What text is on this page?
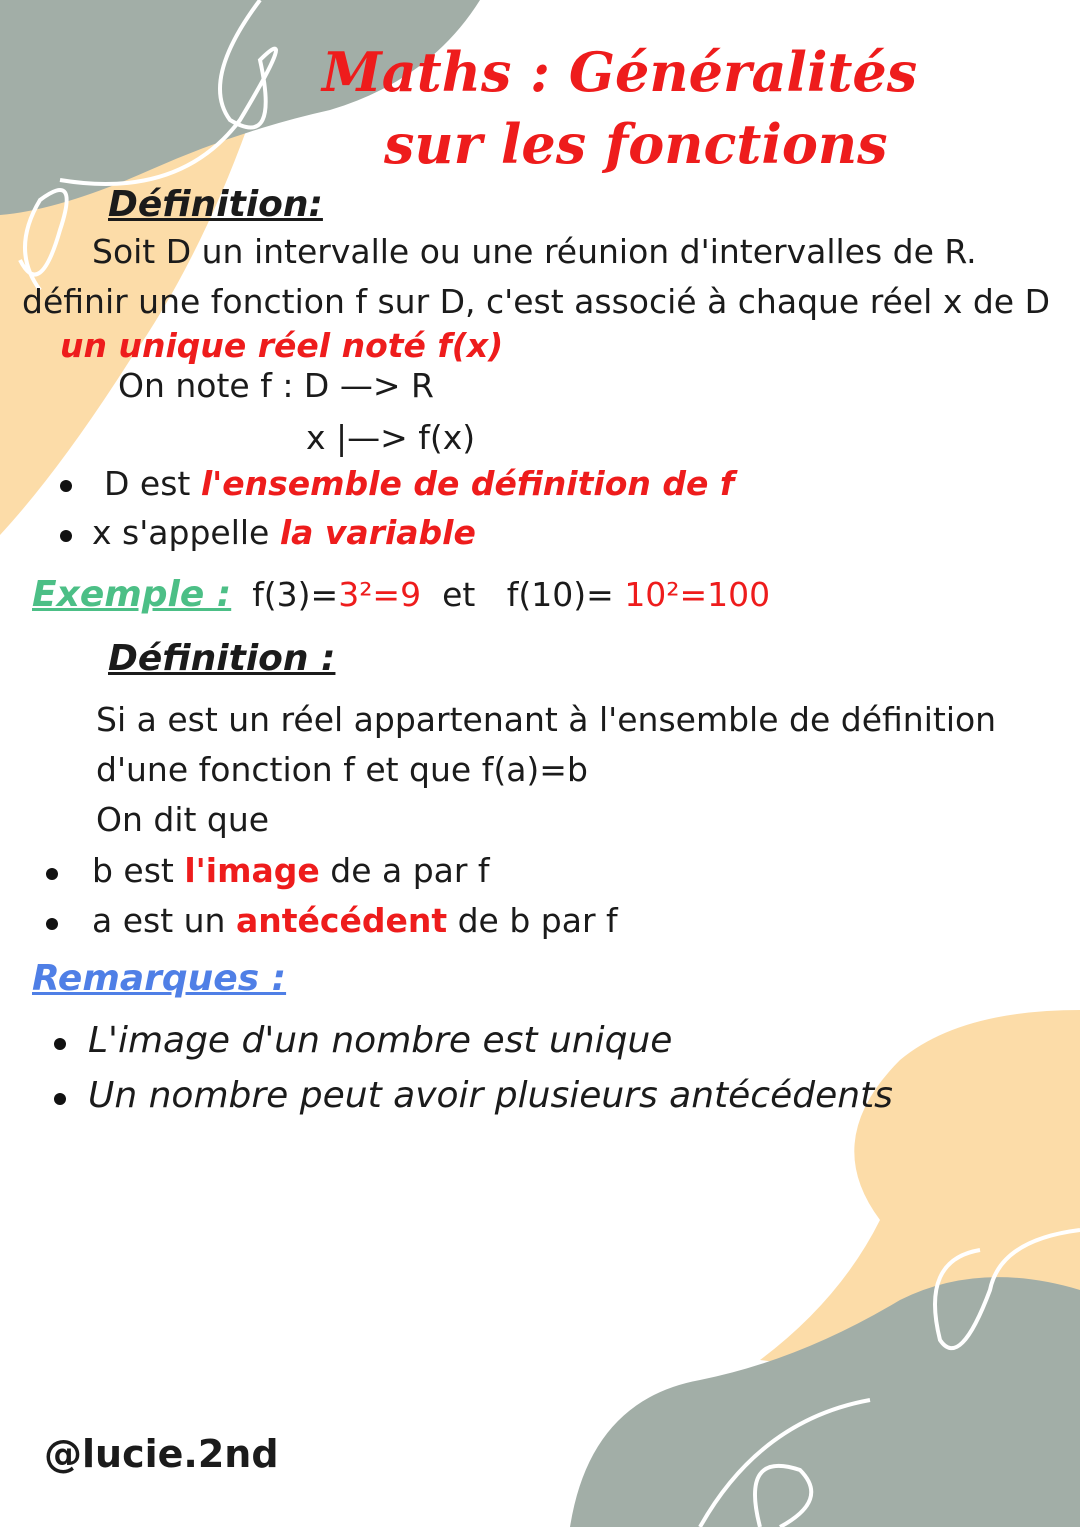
Maths : Généralités
sur les fonctions
Définition:
Soit D un intervalle ou une réunion d'intervalles de R.
définir une fonction f sur D, c'est associé à chaque réel x de D
un unique réel noté f(x)
On note f : D —> R
x |—> f(x)
D est l'ensemble de définition de f
x s'appelle la variable
Exemple : f(3)=3²=9 et f(10)= 10²=100
Définition :
Si a est un réel appartenant à l'ensemble de définition
d'une fonction f et que f(a)=b
On dit que
b est l'image de a par f
a est un antécédent de b par f
Remarques :
L'image d'un nombre est unique
Un nombre peut avoir plusieurs antécédents
@lucie.2nd
